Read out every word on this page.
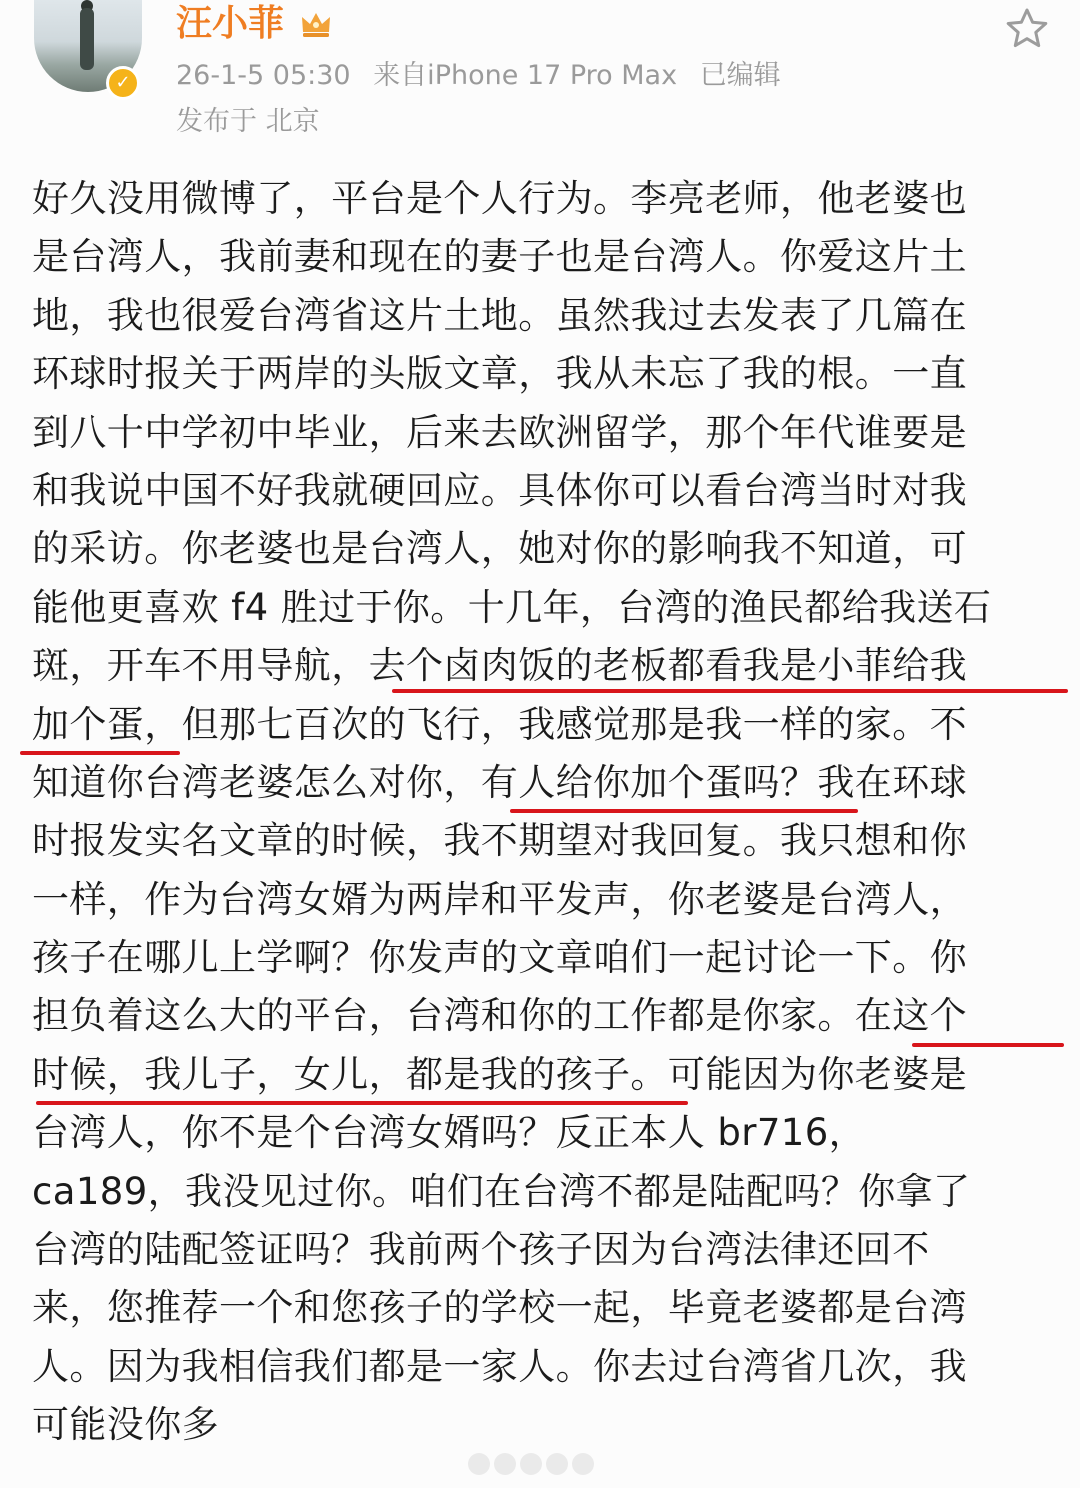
✓
汪小菲
26-1-5 05:30 来自iPhone 17 Pro Max 已编辑
发布于 北京
好久没用微博了，平台是个人行为。李亮老师，他老婆也
是台湾人，我前妻和现在的妻子也是台湾人。你爱这片土
地，我也很爱台湾省这片土地。虽然我过去发表了几篇在
环球时报关于两岸的头版文章，我从未忘了我的根。一直
到八十中学初中毕业，后来去欧洲留学，那个年代谁要是
和我说中国不好我就硬回应。具体你可以看台湾当时对我
的采访。你老婆也是台湾人，她对你的影响我不知道，可
能他更喜欢 f4 胜过于你。十几年，台湾的渔民都给我送石
斑，开车不用导航，去个卤肉饭的老板都看我是小菲给我
加个蛋，但那七百次的飞行，我感觉那是我一样的家。不
知道你台湾老婆怎么对你，有人给你加个蛋吗？我在环球
时报发实名文章的时候，我不期望对我回复。我只想和你
一样，作为台湾女婿为两岸和平发声，你老婆是台湾人，
孩子在哪儿上学啊？你发声的文章咱们一起讨论一下。你
担负着这么大的平台，台湾和你的工作都是你家。在这个
时候，我儿子，女儿，都是我的孩子。可能因为你老婆是
台湾人，你不是个台湾女婿吗？反正本人 br716，
ca189，我没见过你。咱们在台湾不都是陆配吗？你拿了
台湾的陆配签证吗？我前两个孩子因为台湾法律还回不
来，您推荐一个和您孩子的学校一起，毕竟老婆都是台湾
人。因为我相信我们都是一家人。你去过台湾省几次，我
可能没你多
